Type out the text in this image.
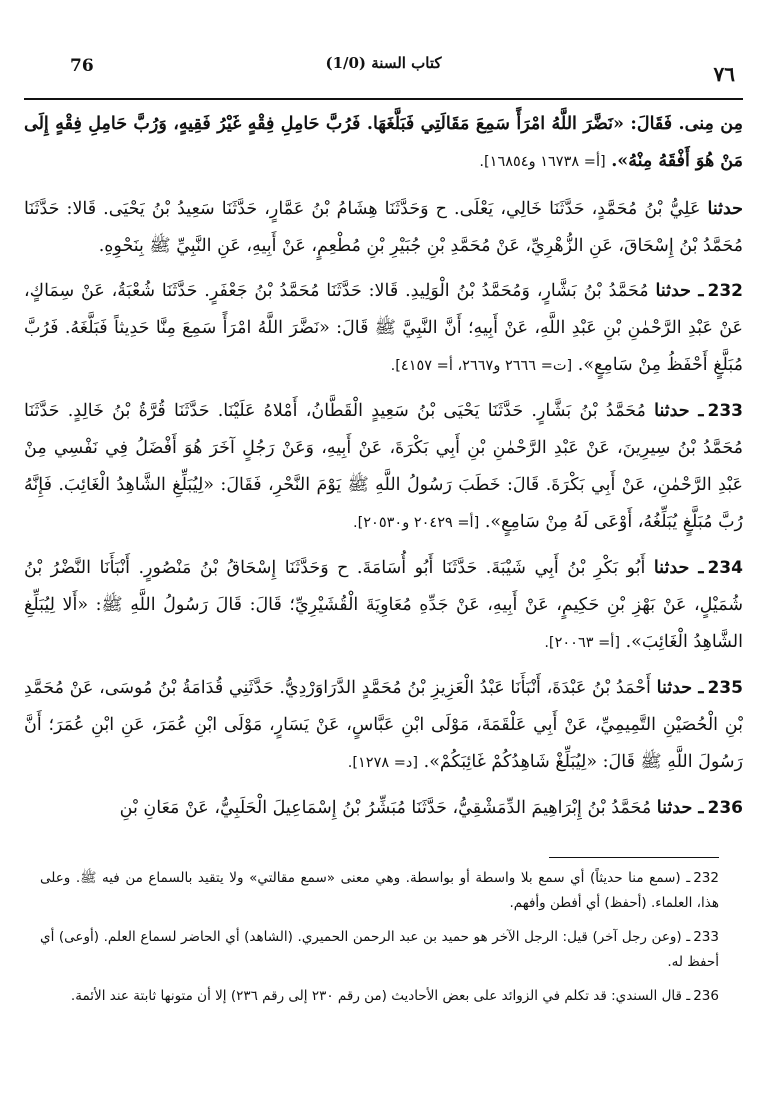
76	(1/0) كتاب السنة	٧٦

مِن مِنى. فَقَالَ: «نَضَّرَ اللَّهُ امْرَأً سَمِعَ مَقَالَتِي فَبَلَّغَهَا. فَرُبَّ حَامِلِ فِقْهٍ غَيْرُ فَقِيهٍ، وَرُبَّ حَامِلِ فِقْهٍ إِلَى مَنْ هُوَ أَفْقَهُ مِنْهُ». [أ= ١٦٧٣٨ و١٦٨٥٤].

حدثنا عَلِيُّ بْنُ مُحَمَّدٍ، حَدَّثَنَا خَالِي، يَعْلَى. ح وَحَدَّثَنَا هِشَامُ بْنُ عَمَّارٍ، حَدَّثَنَا سَعِيدُ بْنُ يَحْيَى. قَالا: حَدَّثَنَا مُحَمَّدُ بْنُ إِسْحَاقَ، عَنِ الزُّهْرِيِّ، عَنْ مُحَمَّدِ بْنِ جُبَيْرِ بْنِ مُطْعِمٍ، عَنْ أَبِيهِ، عَنِ النَّبِيِّ ﷺ بِنَحْوِهِ.

232ـ حدثنا مُحَمَّدُ بْنُ بَشَّارٍ، وَمُحَمَّدُ بْنُ الْوَلِيدِ. قَالا: حَدَّثَنَا مُحَمَّدُ بْنُ جَعْفَرٍ. حَدَّثَنَا شُعْبَةُ، عَنْ سِمَاكٍ، عَنْ عَبْدِ الرَّحْمٰنِ بْنِ عَبْدِ اللَّهِ، عَنْ أَبِيهِ؛ أَنَّ النَّبِيَّ ﷺ قَالَ: «نَضَّرَ اللَّهُ امْرَأً سَمِعَ مِنَّا حَدِيثاً فَبَلَّغَهُ. فَرُبَّ مُبَلَّغٍ أَحْفَظُ مِنْ سَامِعٍ». [ت= ٢٦٦٦ و٢٦٦٧، أ= ٤١٥٧].

233ـ حدثنا مُحَمَّدُ بْنُ بَشَّارٍ. حَدَّثَنَا يَحْيَى بْنُ سَعِيدٍ الْقَطَّانُ، أَمْلاهُ عَلَيْنَا. حَدَّثَنَا قُرَّةُ بْنُ خَالِدٍ. حَدَّثَنَا مُحَمَّدُ بْنُ سِيرِينَ، عَنْ عَبْدِ الرَّحْمٰنِ بْنِ أَبِي بَكْرَةَ، عَنْ أَبِيهِ، وَعَنْ رَجُلٍ آخَرَ هُوَ أَفْضَلُ فِي نَفْسِي مِنْ عَبْدِ الرَّحْمٰنِ، عَنْ أَبِي بَكْرَةَ. قَالَ: خَطَبَ رَسُولُ اللَّهِ ﷺ يَوْمَ النَّحْرِ، فَقَالَ: «لِيُبَلِّغِ الشَّاهِدُ الْغَائِبَ. فَإِنَّهُ رُبَّ مُبَلَّغٍ يُبَلِّغُهُ، أَوْعَى لَهُ مِنْ سَامِعٍ». [أ= ٢٠٤٢٩ و٢٠٥٣٠].

234ـ حدثنا أَبُو بَكْرِ بْنُ أَبِي شَيْبَةَ. حَدَّثَنَا أَبُو أُسَامَةَ. ح وَحَدَّثَنَا إِسْحَاقُ بْنُ مَنْصُورٍ. أَنْبَأَنَا النَّضْرُ بْنُ شُمَيْلٍ، عَنْ بَهْزِ بْنِ حَكِيمٍ، عَنْ أَبِيهِ، عَنْ جَدِّهِ مُعَاوِيَةَ الْقُشَيْرِيِّ؛ قَالَ: قَالَ رَسُولُ اللَّهِ ﷺ: «أَلا لِيُبَلِّغِ الشَّاهِدُ الْغَائِبَ». [أ= ٢٠٠٦٣].

235ـ حدثنا أَحْمَدُ بْنُ عَبْدَةَ، أَنْبَأَنَا عَبْدُ الْعَزِيزِ بْنُ مُحَمَّدٍ الدَّرَاوَرْدِيُّ. حَدَّثَنِي قُدَامَةُ بْنُ مُوسَى، عَنْ مُحَمَّدِ بْنِ الْحُصَيْنِ التَّمِيمِيِّ، عَنْ أَبِي عَلْقَمَةَ، مَوْلَى ابْنِ عَبَّاسٍ، عَنْ يَسَارٍ، مَوْلَى ابْنِ عُمَرَ، عَنِ ابْنِ عُمَرَ؛ أَنَّ رَسُولَ اللَّهِ ﷺ قَالَ: «لِيُبَلِّغْ شَاهِدُكُمْ غَائِبَكُمْ». [د= ١٢٧٨].

236ـ حدثنا مُحَمَّدُ بْنُ إِبْرَاهِيمَ الدِّمَشْقِيُّ، حَدَّثَنَا مُبَشِّرُ بْنُ إِسْمَاعِيلَ الْحَلَبِيُّ، عَنْ مَعَانِ بْنِ

232ـ (سمع منا حديثاً) أي سمع بلا واسطة أو بواسطة. وهي معنى «سمع مقالتي» ولا يتقيد بالسماع من فيه ﷺ. وعلى هذا، العلماء. (أحفظ) أي أفطن وأفهم.

233ـ (وعن رجل آخر) قيل: الرجل الآخر هو حميد بن عبد الرحمن الحميري. (الشاهد) أي الحاضر لسماع العلم. (أوعى) أي أحفظ له.

236ـ قال السندي: قد تكلم في الزوائد على بعض الأحاديث (من رقم ٢٣٠ إلى رقم ٢٣٦) إلا أن متونها ثابتة عند الأئمة.
